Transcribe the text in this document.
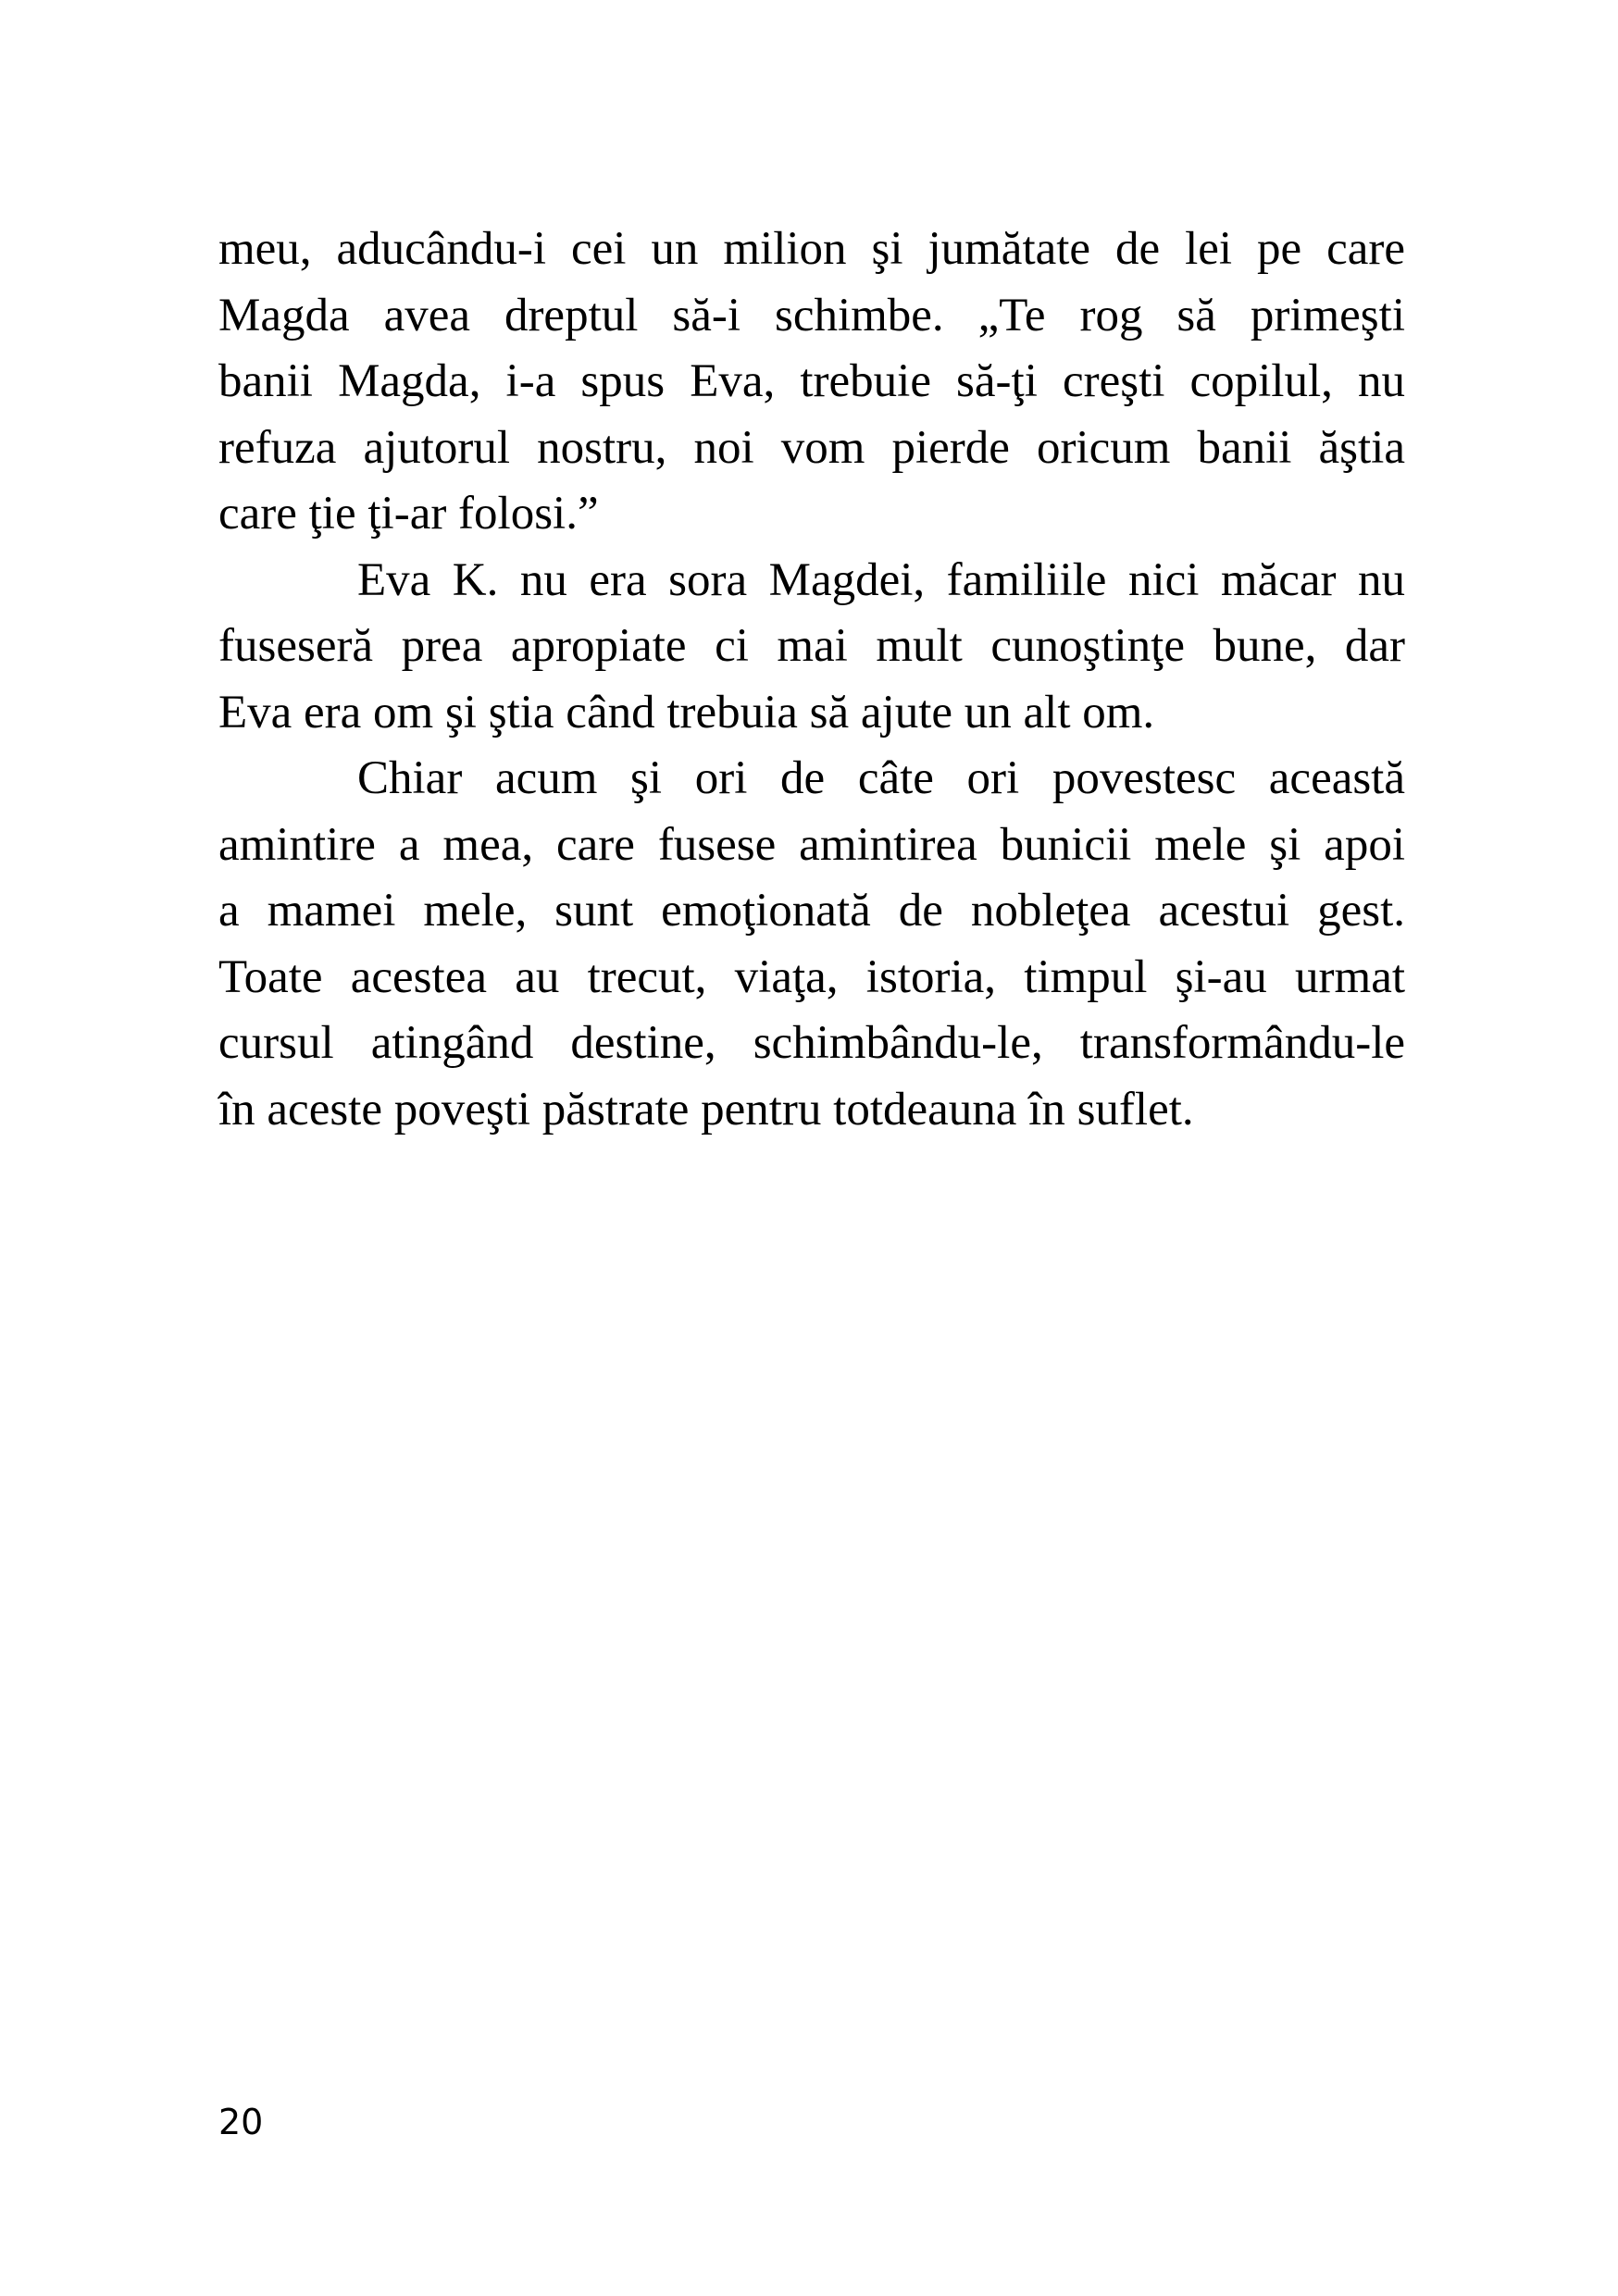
meu, aducându-i cei un milion şi jumătate de lei pe care
Magda avea dreptul să-i schimbe. „Te rog să primeşti
banii Magda, i-a spus Eva, trebuie să-ţi creşti copilul, nu
refuza ajutorul nostru, noi vom pierde oricum banii ăştia
care ţie ţi-ar folosi.”
Eva K. nu era sora Magdei, familiile nici măcar nu
fuseseră prea apropiate ci mai mult cunoştinţe bune, dar
Eva era om şi ştia când trebuia să ajute un alt om.
Chiar acum şi ori de câte ori povestesc această
amintire a mea, care fusese amintirea bunicii mele şi apoi
a mamei mele, sunt emoţionată de nobleţea acestui gest.
Toate acestea au trecut, viaţa, istoria, timpul şi-au urmat
cursul atingând destine, schimbându-le, transformându-le
în aceste poveşti păstrate pentru totdeauna în suflet.
20
